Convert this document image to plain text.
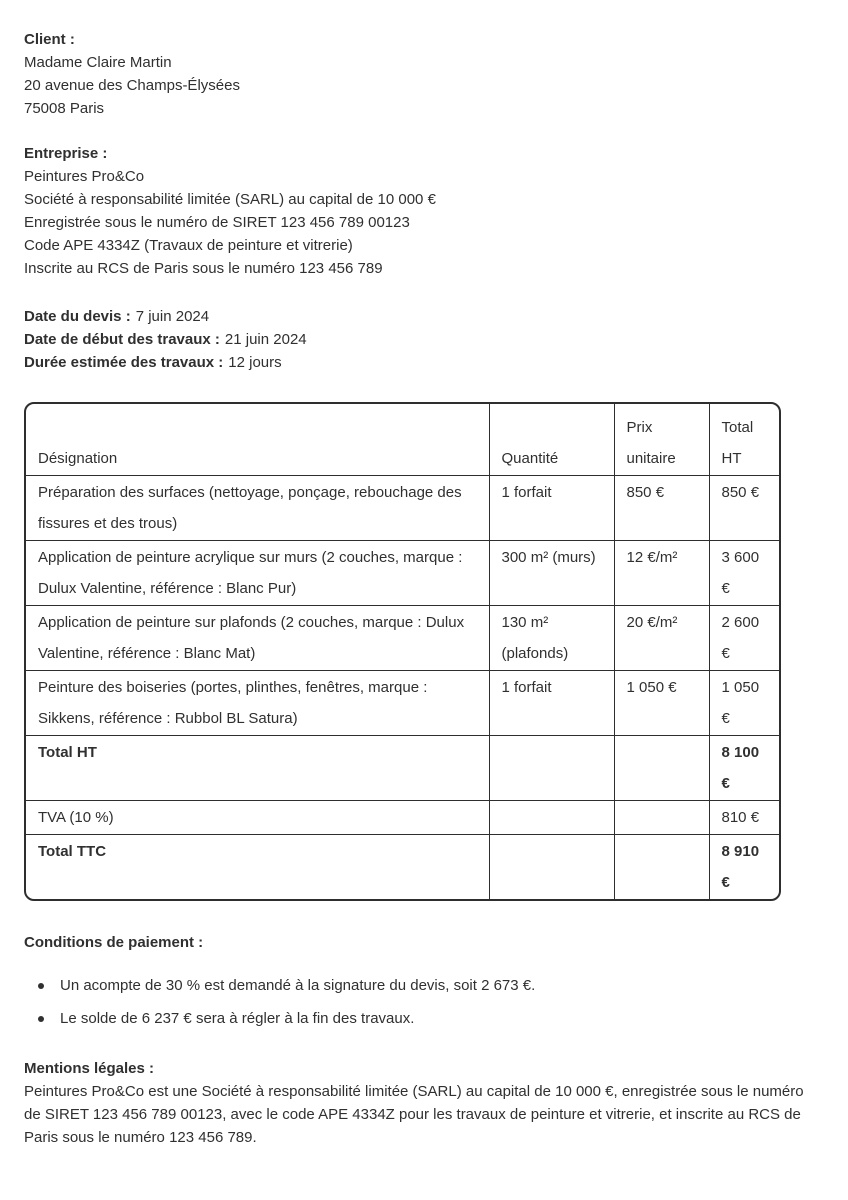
Client :
Madame Claire Martin
20 avenue des Champs-Élysées
75008 Paris
Entreprise :
Peintures Pro&Co
Société à responsabilité limitée (SARL) au capital de 10 000 €
Enregistrée sous le numéro de SIRET 123 456 789 00123
Code APE 4334Z (Travaux de peinture et vitrerie)
Inscrite au RCS de Paris sous le numéro 123 456 789
Date du devis : 7 juin 2024
Date de début des travaux : 21 juin 2024
Durée estimée des travaux : 12 jours
Désignation	Quantité	Prix unitaire	Total HT
Préparation des surfaces (nettoyage, ponçage, rebouchage des fissures et des trous)	1 forfait	850 €	850 €
Application de peinture acrylique sur murs (2 couches, marque : Dulux Valentine, référence : Blanc Pur)	300 m² (murs)	12 €/m²	3 600 €
Application de peinture sur plafonds (2 couches, marque : Dulux Valentine, référence : Blanc Mat)	130 m² (plafonds)	20 €/m²	2 600 €
Peinture des boiseries (portes, plinthes, fenêtres, marque : Sikkens, référence : Rubbol BL Satura)	1 forfait	1 050 €	1 050 €
Total HT			8 100 €
TVA (10 %)			810 €
Total TTC			8 910 €
Conditions de paiement :
Un acompte de 30 % est demandé à la signature du devis, soit 2 673 €.
Le solde de 6 237 € sera à régler à la fin des travaux.
Mentions légales :

Peintures Pro&Co est une Société à responsabilité limitée (SARL) au capital de 10 000 €, enregistrée sous le numéro de SIRET 123 456 789 00123, avec le code APE 4334Z pour les travaux de peinture et vitrerie, et inscrite au RCS de Paris sous le numéro 123 456 789.
